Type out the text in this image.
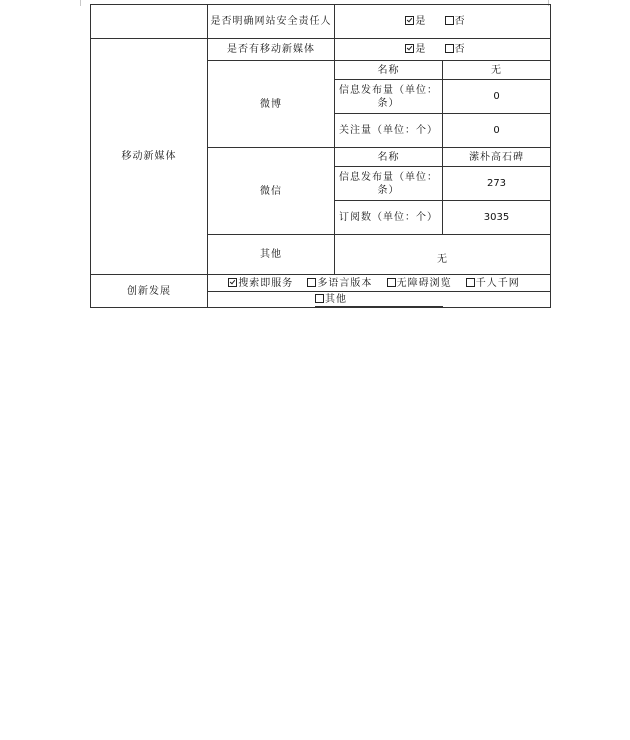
	是否明确网站安全责任人	是 否	
移动新媒体	是否有移动新媒体	是 否	
	微博	名称	无
		信息发布量（单位：条）	0
		关注量（单位：个）	0
	微信	名称	潆朴高石碑
		信息发布量（单位：条）	273
		订阅数（单位：个）	3035
	其他	无	
创新发展	搜索即服务 多语言版本 无障碍浏览 千人千网		
	其他		
